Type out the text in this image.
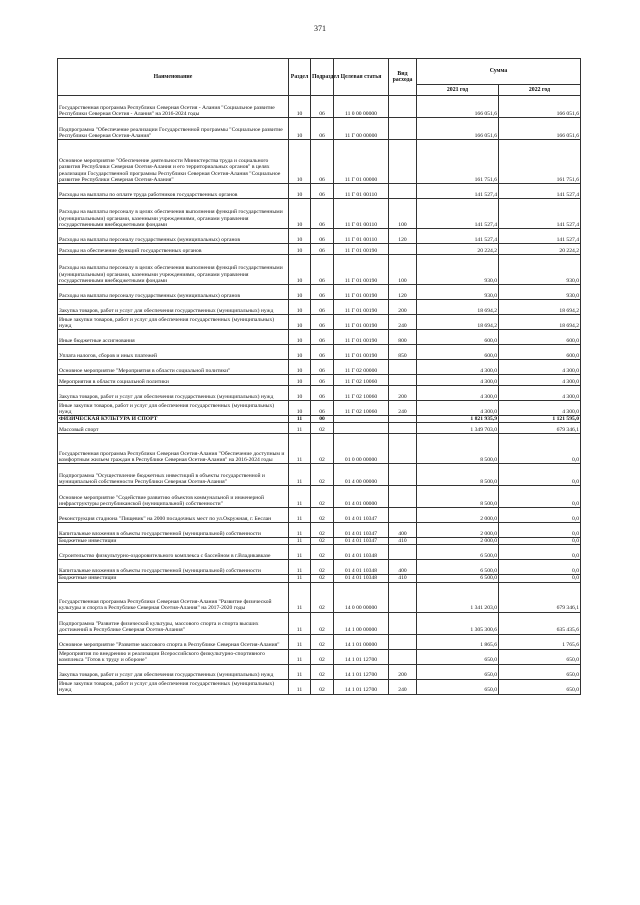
371
Наименование	Раздел	Подраздел	Целевая статья	Вид расхода	Сумма	
					2021 год	2022 год
Государственная программа Республики Северная Осетия - Алания "Социальное развитие Республики Северная Осетия - Алания" на 2016-2024 годы	10	06	11 0 00 00000		166 051,6	166 051,6
Подпрограмма "Обеспечение реализации Государственной программы "Социальное развитие Республики Северная Осетия-Алания"	10	06	11 Г 00 00000		166 051,6	166 051,6
Основное мероприятие "Обеспечение деятельности Министерства труда и социального развития Республики Северная Осетия-Алания и его территориальных органов" в целях реализации Государственной программы Республики Северная Осетия-Алания "Социальное развитие Республики Северная Осетия-Алания"	10	06	11 Г 01 00000		161 751,6	161 751,6
Расходы на выплаты по оплате труда работников государственных органов	10	06	11 Г 01 00110		141 527,4	141 527,4
Расходы на выплаты персоналу в целях обеспечения выполнения функций государственными (муниципальными) органами, казенными учреждениями, органами управления государственными внебюджетными фондами	10	06	11 Г 01 00110	100	141 527,4	141 527,4
Расходы на выплаты персоналу государственных (муниципальных) органов	10	06	11 Г 01 00110	120	141 527,4	141 527,4
Расходы на обеспечение функций государственных органов	10	06	11 Г 01 00190		20 224,2	20 224,2
Расходы на выплаты персоналу в целях обеспечения выполнения функций государственными (муниципальными) органами, казенными учреждениями, органами управления государственными внебюджетными фондами	10	06	11 Г 01 00190	100	930,0	930,0
Расходы на выплаты персоналу государственных (муниципальных) органов	10	06	11 Г 01 00190	120	930,0	930,0
Закупка товаров, работ и услуг для обеспечения государственных (муниципальных) нужд	10	06	11 Г 01 00190	200	18 694,2	18 694,2
Иные закупки товаров, работ и услуг для обеспечения государственных (муниципальных) нужд	10	06	11 Г 01 00190	240	18 694,2	18 694,2
Иные бюджетные ассигнования	10	06	11 Г 01 00190	800	600,0	600,0
Уплата налогов, сборов и иных платежей	10	06	11 Г 01 00190	850	600,0	600,0
Основное мероприятие "Мероприятия в области социальной политики"	10	06	11 Г 02 00000		4 300,0	4 300,0
Мероприятия в области социальной политики	10	06	11 Г 02 10060		4 300,0	4 300,0
Закупка товаров, работ и услуг для обеспечения государственных (муниципальных) нужд	10	06	11 Г 02 10060	200	4 300,0	4 300,0
Иные закупки товаров, работ и услуг для обеспечения государственных (муниципальных) нужд	10	06	11 Г 02 10060	240	4 300,0	4 300,0
ФИЗИЧЕСКАЯ КУЛЬТУРА И СПОРТ	11	00			1 821 935,9	1 121 595,0
Массовый спорт	11	02			1 349 703,0	679 346,1
Государственная программа Республики Северная Осетия-Алания "Обеспечение доступным и комфортным жильем граждан в Республике Северная Осетия-Алания" на 2016-2024 годы	11	02	01 0 00 00000		8 500,0	0,0
Подпрограмма "Осуществление бюджетных инвестиций в объекты государственной и муниципальной собственности Республики Северная Осетия-Алания"	11	02	01 4 00 00000		8 500,0	0,0
Основное мероприятие "Содействие развитию объектов коммунальной и инженерной инфраструктуры республиканской (муниципальной) собственности"	11	02	01 4 01 00000		8 500,0	0,0
Реконструкция стадиона "Пищевик" на 2000 посадочных мест по ул.Окружная, г. Беслан	11	02	01 4 01 10347		2 000,0	0,0
Капитальные вложения в объекты государственной (муниципальной) собственности	11	02	01 4 01 10347	400	2 000,0	0,0
Бюджетные инвестиции	11	02	01 4 01 10347	410	2 000,0	0,0
Строительство физкультурно-оздоровительного комплекса с бассейном в г.Владикавказе	11	02	01 4 01 10348		6 500,0	0,0
Капитальные вложения в объекты государственной (муниципальной) собственности	11	02	01 4 01 10348	400	6 500,0	0,0
Бюджетные инвестиции	11	02	01 4 01 10348	410	6 500,0	0,0
Государственная программа Республики Северная Осетия-Алания "Развитие физической культуры и спорта в Республике Северная Осетия-Алания" на 2017-2020 годы	11	02	14 0 00 00000		1 341 203,0	679 346,1
Подпрограмма "Развитие физической культуры, массового спорта и спорта высших достижений в Республике Северная Осетия-Алания"	11	02	14 1 00 00000		1 305 300,6	635 435,6
Основное мероприятие "Развитие массового спорта в Республике Северная Осетия-Алания"	11	02	14 1 01 00000		1 865,6	1 765,6
Мероприятия по внедрению и реализации Всероссийского физкультурно-спортивного комплекса "Готов к труду и обороне"	11	02	14 1 01 12700		650,0	650,0
Закупка товаров, работ и услуг для обеспечения государственных (муниципальных) нужд	11	02	14 1 01 12700	200	650,0	650,0
Иные закупки товаров, работ и услуг для обеспечения государственных (муниципальных) нужд	11	02	14 1 01 12700	240	650,0	650,0
